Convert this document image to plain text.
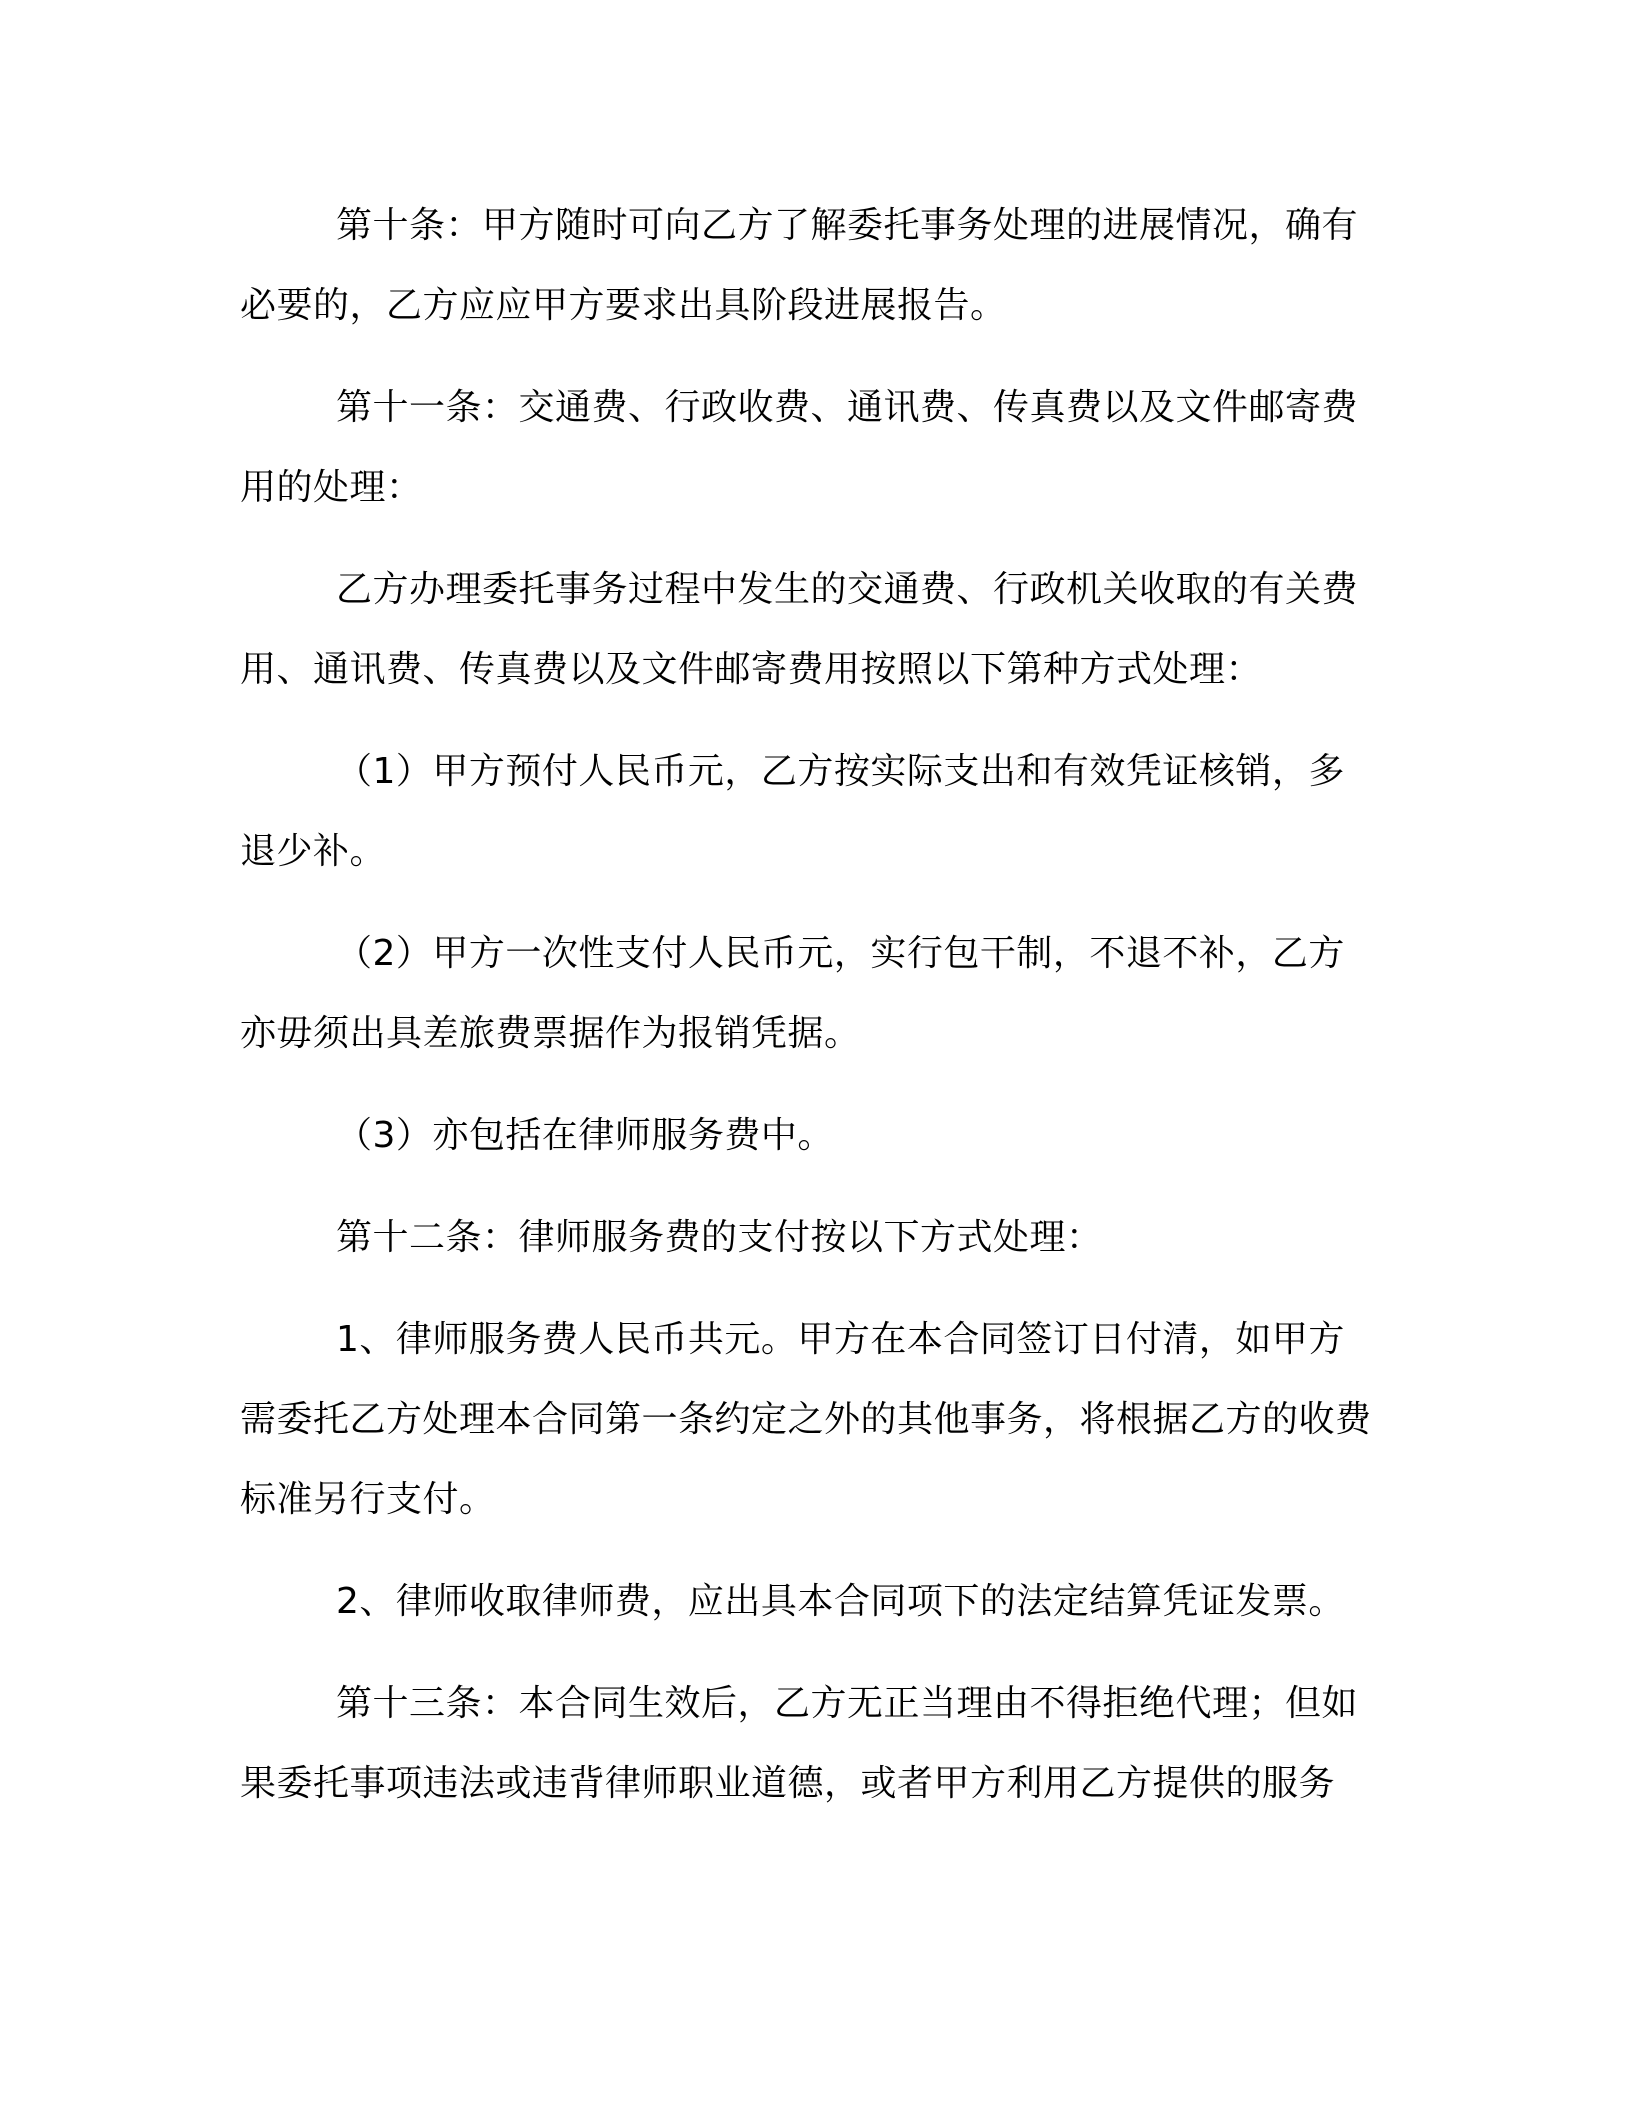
第十条：甲方随时可向乙方了解委托事务处理的进展情况，确有必要的，乙方应应甲方要求出具阶段进展报告。

第十一条：交通费、行政收费、通讯费、传真费以及文件邮寄费用的处理：

乙方办理委托事务过程中发生的交通费、行政机关收取的有关费用、通讯费、传真费以及文件邮寄费用按照以下第种方式处理：

（1）甲方预付人民币元，乙方按实际支出和有效凭证核销，多退少补。

（2）甲方一次性支付人民币元，实行包干制，不退不补，乙方亦毋须出具差旅费票据作为报销凭据。

（3）亦包括在律师服务费中。

第十二条：律师服务费的支付按以下方式处理：

1、律师服务费人民币共元。甲方在本合同签订日付清，如甲方需委托乙方处理本合同第一条约定之外的其他事务，将根据乙方的收费标准另行支付。

2、律师收取律师费，应出具本合同项下的法定结算凭证发票。

第十三条：本合同生效后，乙方无正当理由不得拒绝代理；但如果委托事项违法或违背律师职业道德，或者甲方利用乙方提供的服务
